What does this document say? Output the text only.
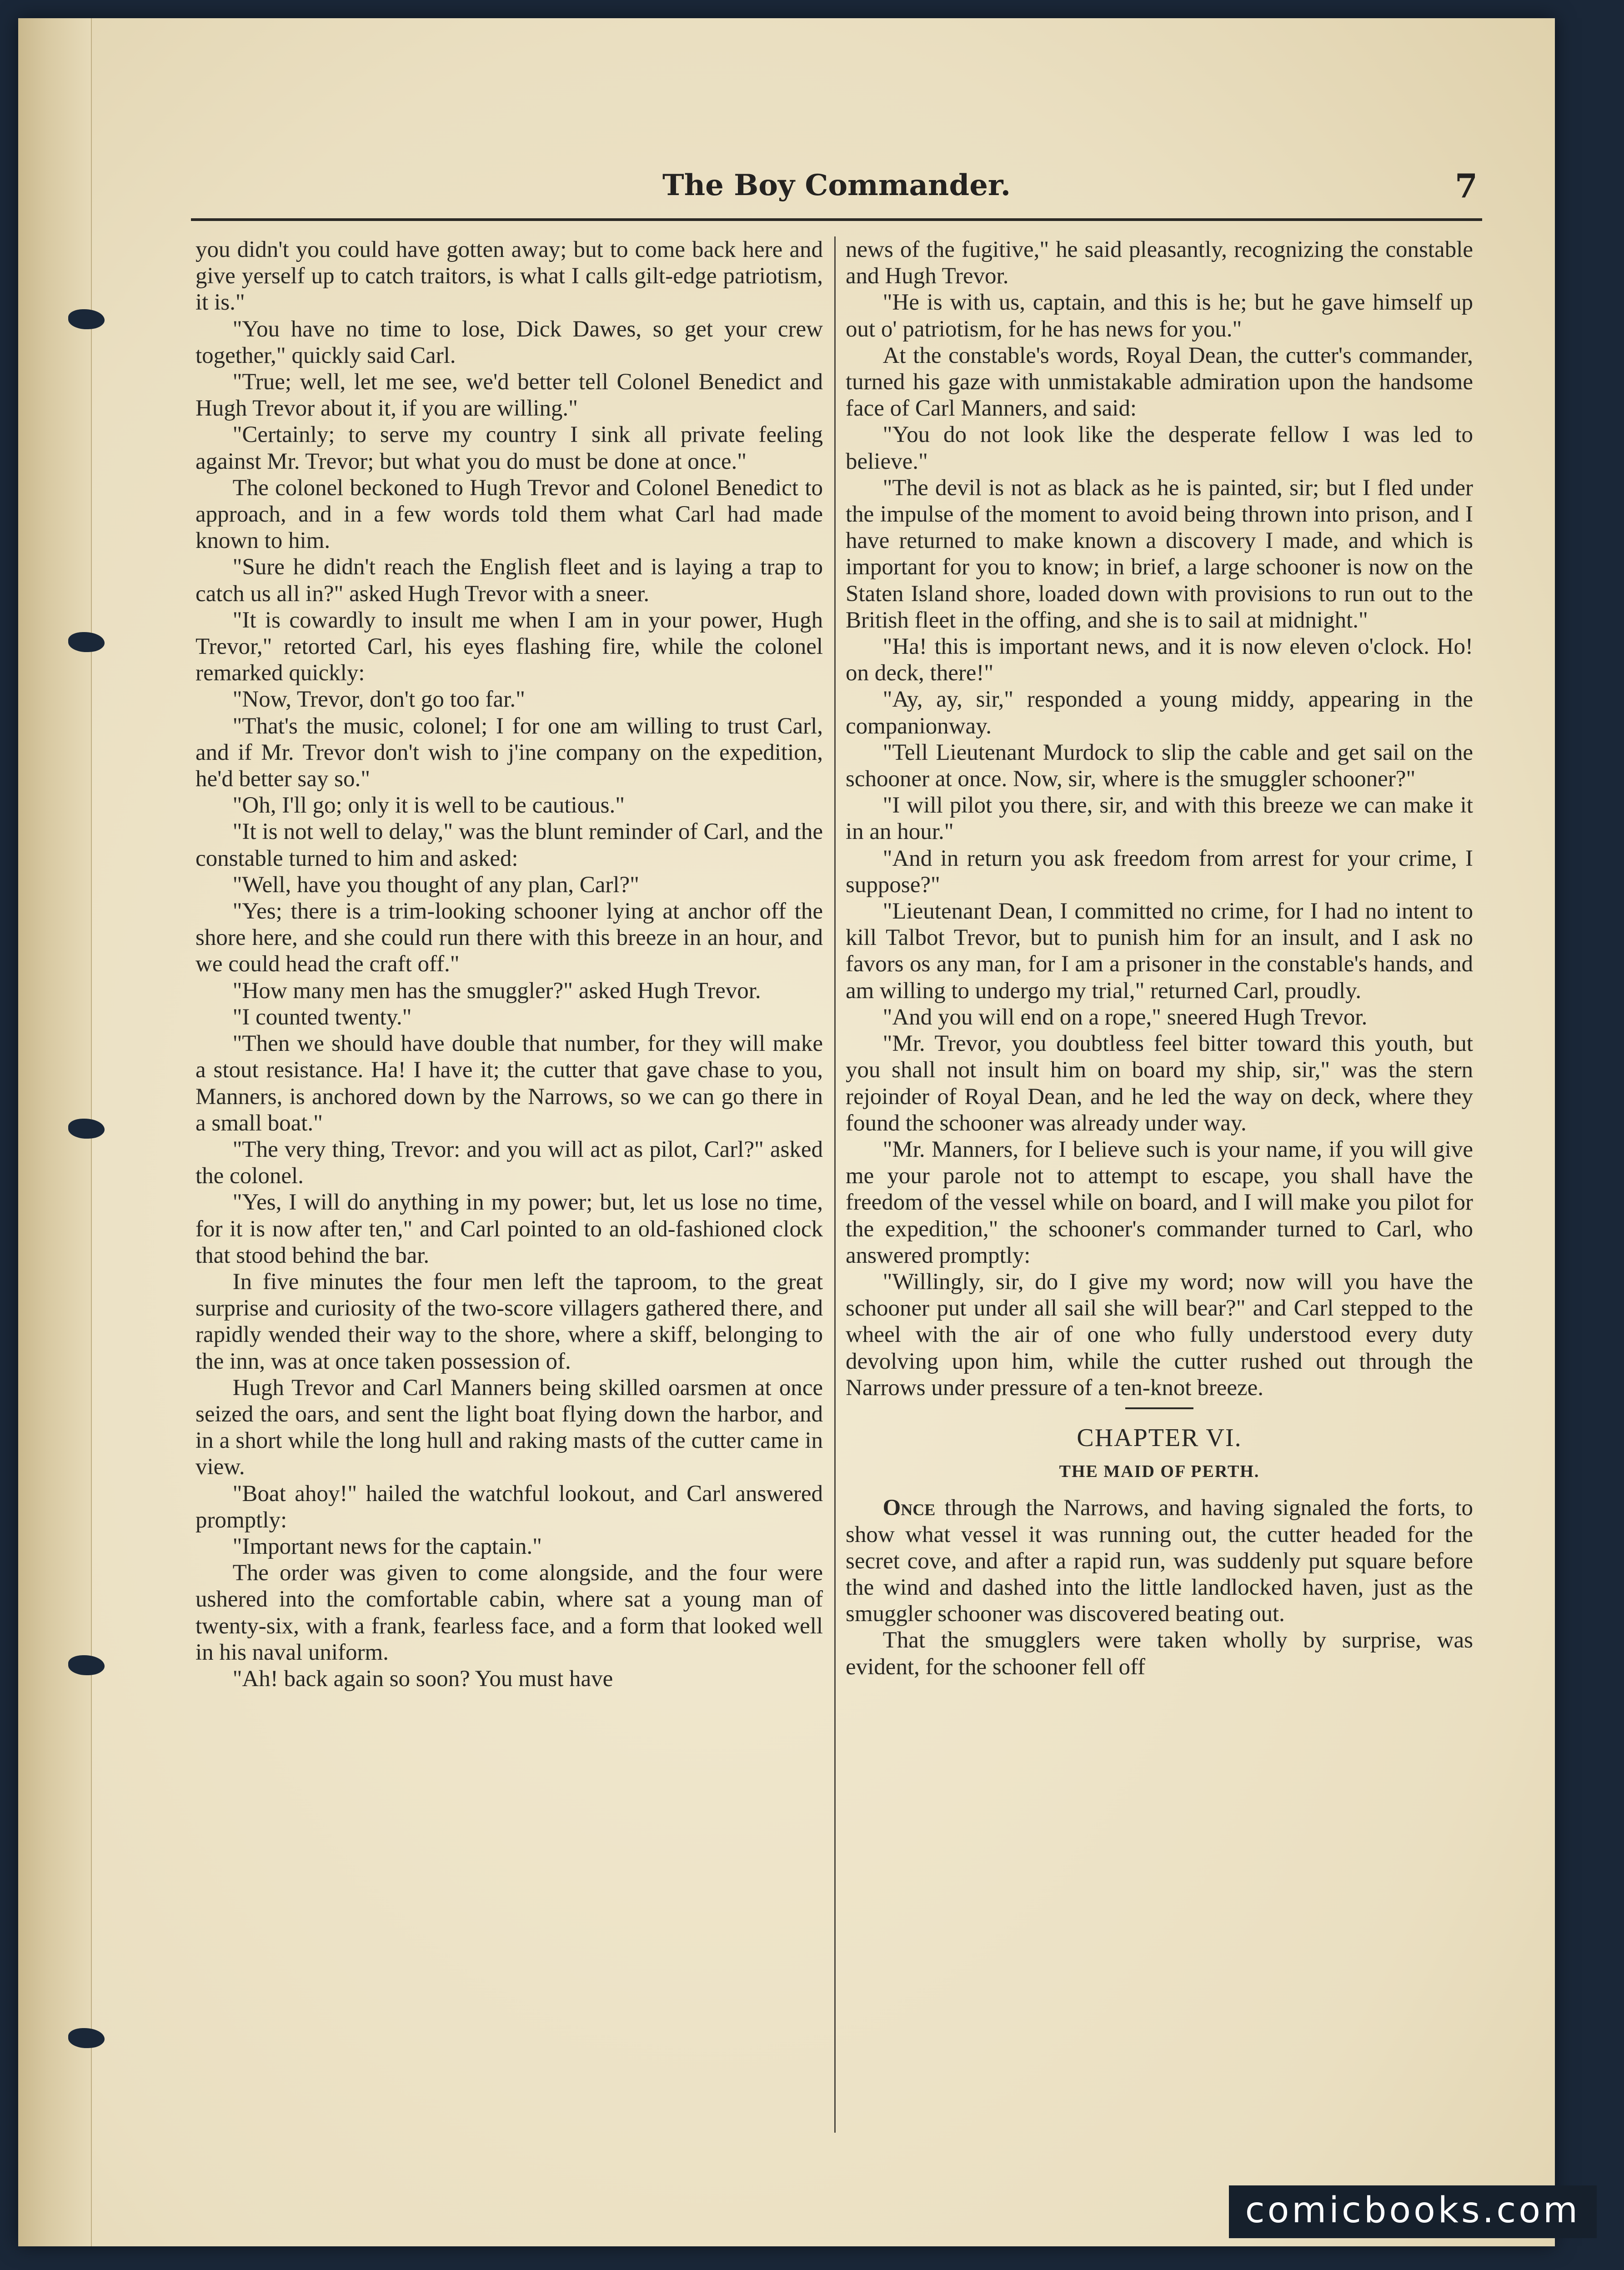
The Boy Commander.	7

you didn't you could have gotten away; but to come back here and give yerself up to catch traitors, is what I calls gilt-edge patriotism, it is."

"You have no time to lose, Dick Dawes, so get your crew together," quickly said Carl.

"True; well, let me see, we'd better tell Colonel Benedict and Hugh Trevor about it, if you are willing."

"Certainly; to serve my country I sink all private feeling against Mr. Trevor; but what you do must be done at once."

The colonel beckoned to Hugh Trevor and Colonel Benedict to approach, and in a few words told them what Carl had made known to him.

"Sure he didn't reach the English fleet and is laying a trap to catch us all in?" asked Hugh Trevor with a sneer.

"It is cowardly to insult me when I am in your power, Hugh Trevor," retorted Carl, his eyes flashing fire, while the colonel remarked quickly:

"Now, Trevor, don't go too far."

"That's the music, colonel; I for one am willing to trust Carl, and if Mr. Trevor don't wish to j'ine company on the expedition, he'd better say so."

"Oh, I'll go; only it is well to be cautious."

"It is not well to delay," was the blunt reminder of Carl, and the constable turned to him and asked:

"Well, have you thought of any plan, Carl?"

"Yes; there is a trim-looking schooner lying at anchor off the shore here, and she could run there with this breeze in an hour, and we could head the craft off."

"How many men has the smuggler?" asked Hugh Trevor.

"I counted twenty."

"Then we should have double that number, for they will make a stout resistance. Ha! I have it; the cutter that gave chase to you, Manners, is anchored down by the Narrows, so we can go there in a small boat."

"The very thing, Trevor: and you will act as pilot, Carl?" asked the colonel.

"Yes, I will do anything in my power; but, let us lose no time, for it is now after ten," and Carl pointed to an old-fashioned clock that stood behind the bar.

In five minutes the four men left the taproom, to the great surprise and curiosity of the two-score villagers gathered there, and rapidly wended their way to the shore, where a skiff, belonging to the inn, was at once taken possession of.

Hugh Trevor and Carl Manners being skilled oarsmen at once seized the oars, and sent the light boat flying down the harbor, and in a short while the long hull and raking masts of the cutter came in view.

"Boat ahoy!" hailed the watchful lookout, and Carl answered promptly:

"Important news for the captain."

The order was given to come alongside, and the four were ushered into the comfortable cabin, where sat a young man of twenty-six, with a frank, fearless face, and a form that looked well in his naval uniform.

"Ah! back again so soon? You must have

news of the fugitive," he said pleasantly, recognizing the constable and Hugh Trevor.

"He is with us, captain, and this is he; but he gave himself up out o' patriotism, for he has news for you."

At the constable's words, Royal Dean, the cutter's commander, turned his gaze with unmistakable admiration upon the handsome face of Carl Manners, and said:

"You do not look like the desperate fellow I was led to believe."

"The devil is not as black as he is painted, sir; but I fled under the impulse of the moment to avoid being thrown into prison, and I have returned to make known a discovery I made, and which is important for you to know; in brief, a large schooner is now on the Staten Island shore, loaded down with provisions to run out to the British fleet in the offing, and she is to sail at midnight."

"Ha! this is important news, and it is now eleven o'clock. Ho! on deck, there!"

"Ay, ay, sir," responded a young middy, appearing in the companionway.

"Tell Lieutenant Murdock to slip the cable and get sail on the schooner at once. Now, sir, where is the smuggler schooner?"

"I will pilot you there, sir, and with this breeze we can make it in an hour."

"And in return you ask freedom from arrest for your crime, I suppose?"

"Lieutenant Dean, I committed no crime, for I had no intent to kill Talbot Trevor, but to punish him for an insult, and I ask no favors os any man, for I am a prisoner in the constable's hands, and am willing to undergo my trial," returned Carl, proudly.

"And you will end on a rope," sneered Hugh Trevor.

"Mr. Trevor, you doubtless feel bitter toward this youth, but you shall not insult him on board my ship, sir," was the stern rejoinder of Royal Dean, and he led the way on deck, where they found the schooner was already under way.

"Mr. Manners, for I believe such is your name, if you will give me your parole not to attempt to escape, you shall have the freedom of the vessel while on board, and I will make you pilot for the expedition," the schooner's commander turned to Carl, who answered promptly:

"Willingly, sir, do I give my word; now will you have the schooner put under all sail she will bear?" and Carl stepped to the wheel with the air of one who fully understood every duty devolving upon him, while the cutter rushed out through the Narrows under pressure of a ten-knot breeze.

CHAPTER VI.
THE MAID OF PERTH.

Once through the Narrows, and having signaled the forts, to show what vessel it was running out, the cutter headed for the secret cove, and after a rapid run, was suddenly put square before the wind and dashed into the little landlocked haven, just as the smuggler schooner was discovered beating out.

That the smugglers were taken wholly by surprise, was evident, for the schooner fell off

comicbooks.com
